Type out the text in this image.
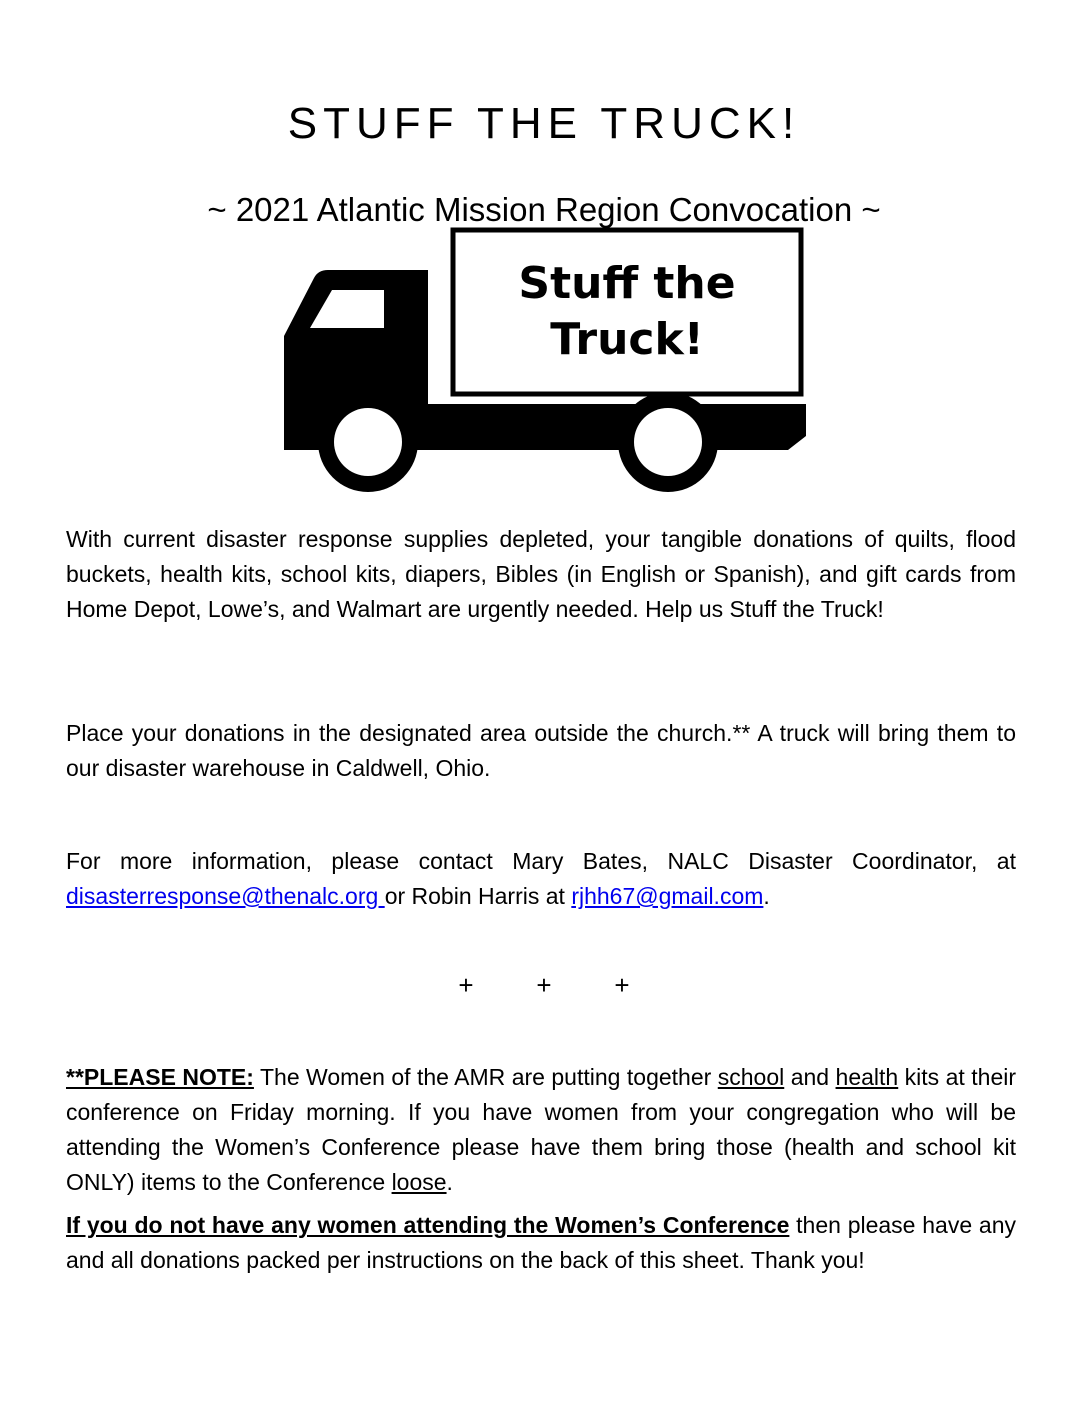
STUFF THE TRUCK!
~ 2021 Atlantic Mission Region Convocation ~
Stuff the
Truck!

With current disaster response supplies depleted, your tangible donations of quilts, flood buckets, health kits, school kits, diapers, Bibles (in English or Spanish), and gift cards from Home Depot, Lowe’s, and Walmart are urgently needed. Help us Stuff the Truck!

Place your donations in the designated area outside the church.** A truck will bring them to our disaster warehouse in Caldwell, Ohio.

For more information, please contact Mary Bates, NALC Disaster Coordinator, at disasterresponse@thenalc.org or Robin Harris at rjhh67@gmail.com.

+ + +

**PLEASE NOTE: The Women of the AMR are putting together school and health kits at their conference on Friday morning. If you have women from your congregation who will be attending the Women’s Conference please have them bring those (health and school kit ONLY) items to the Conference loose.

If you do not have any women attending the Women’s Conference then please have any and all donations packed per instructions on the back of this sheet. Thank you!
